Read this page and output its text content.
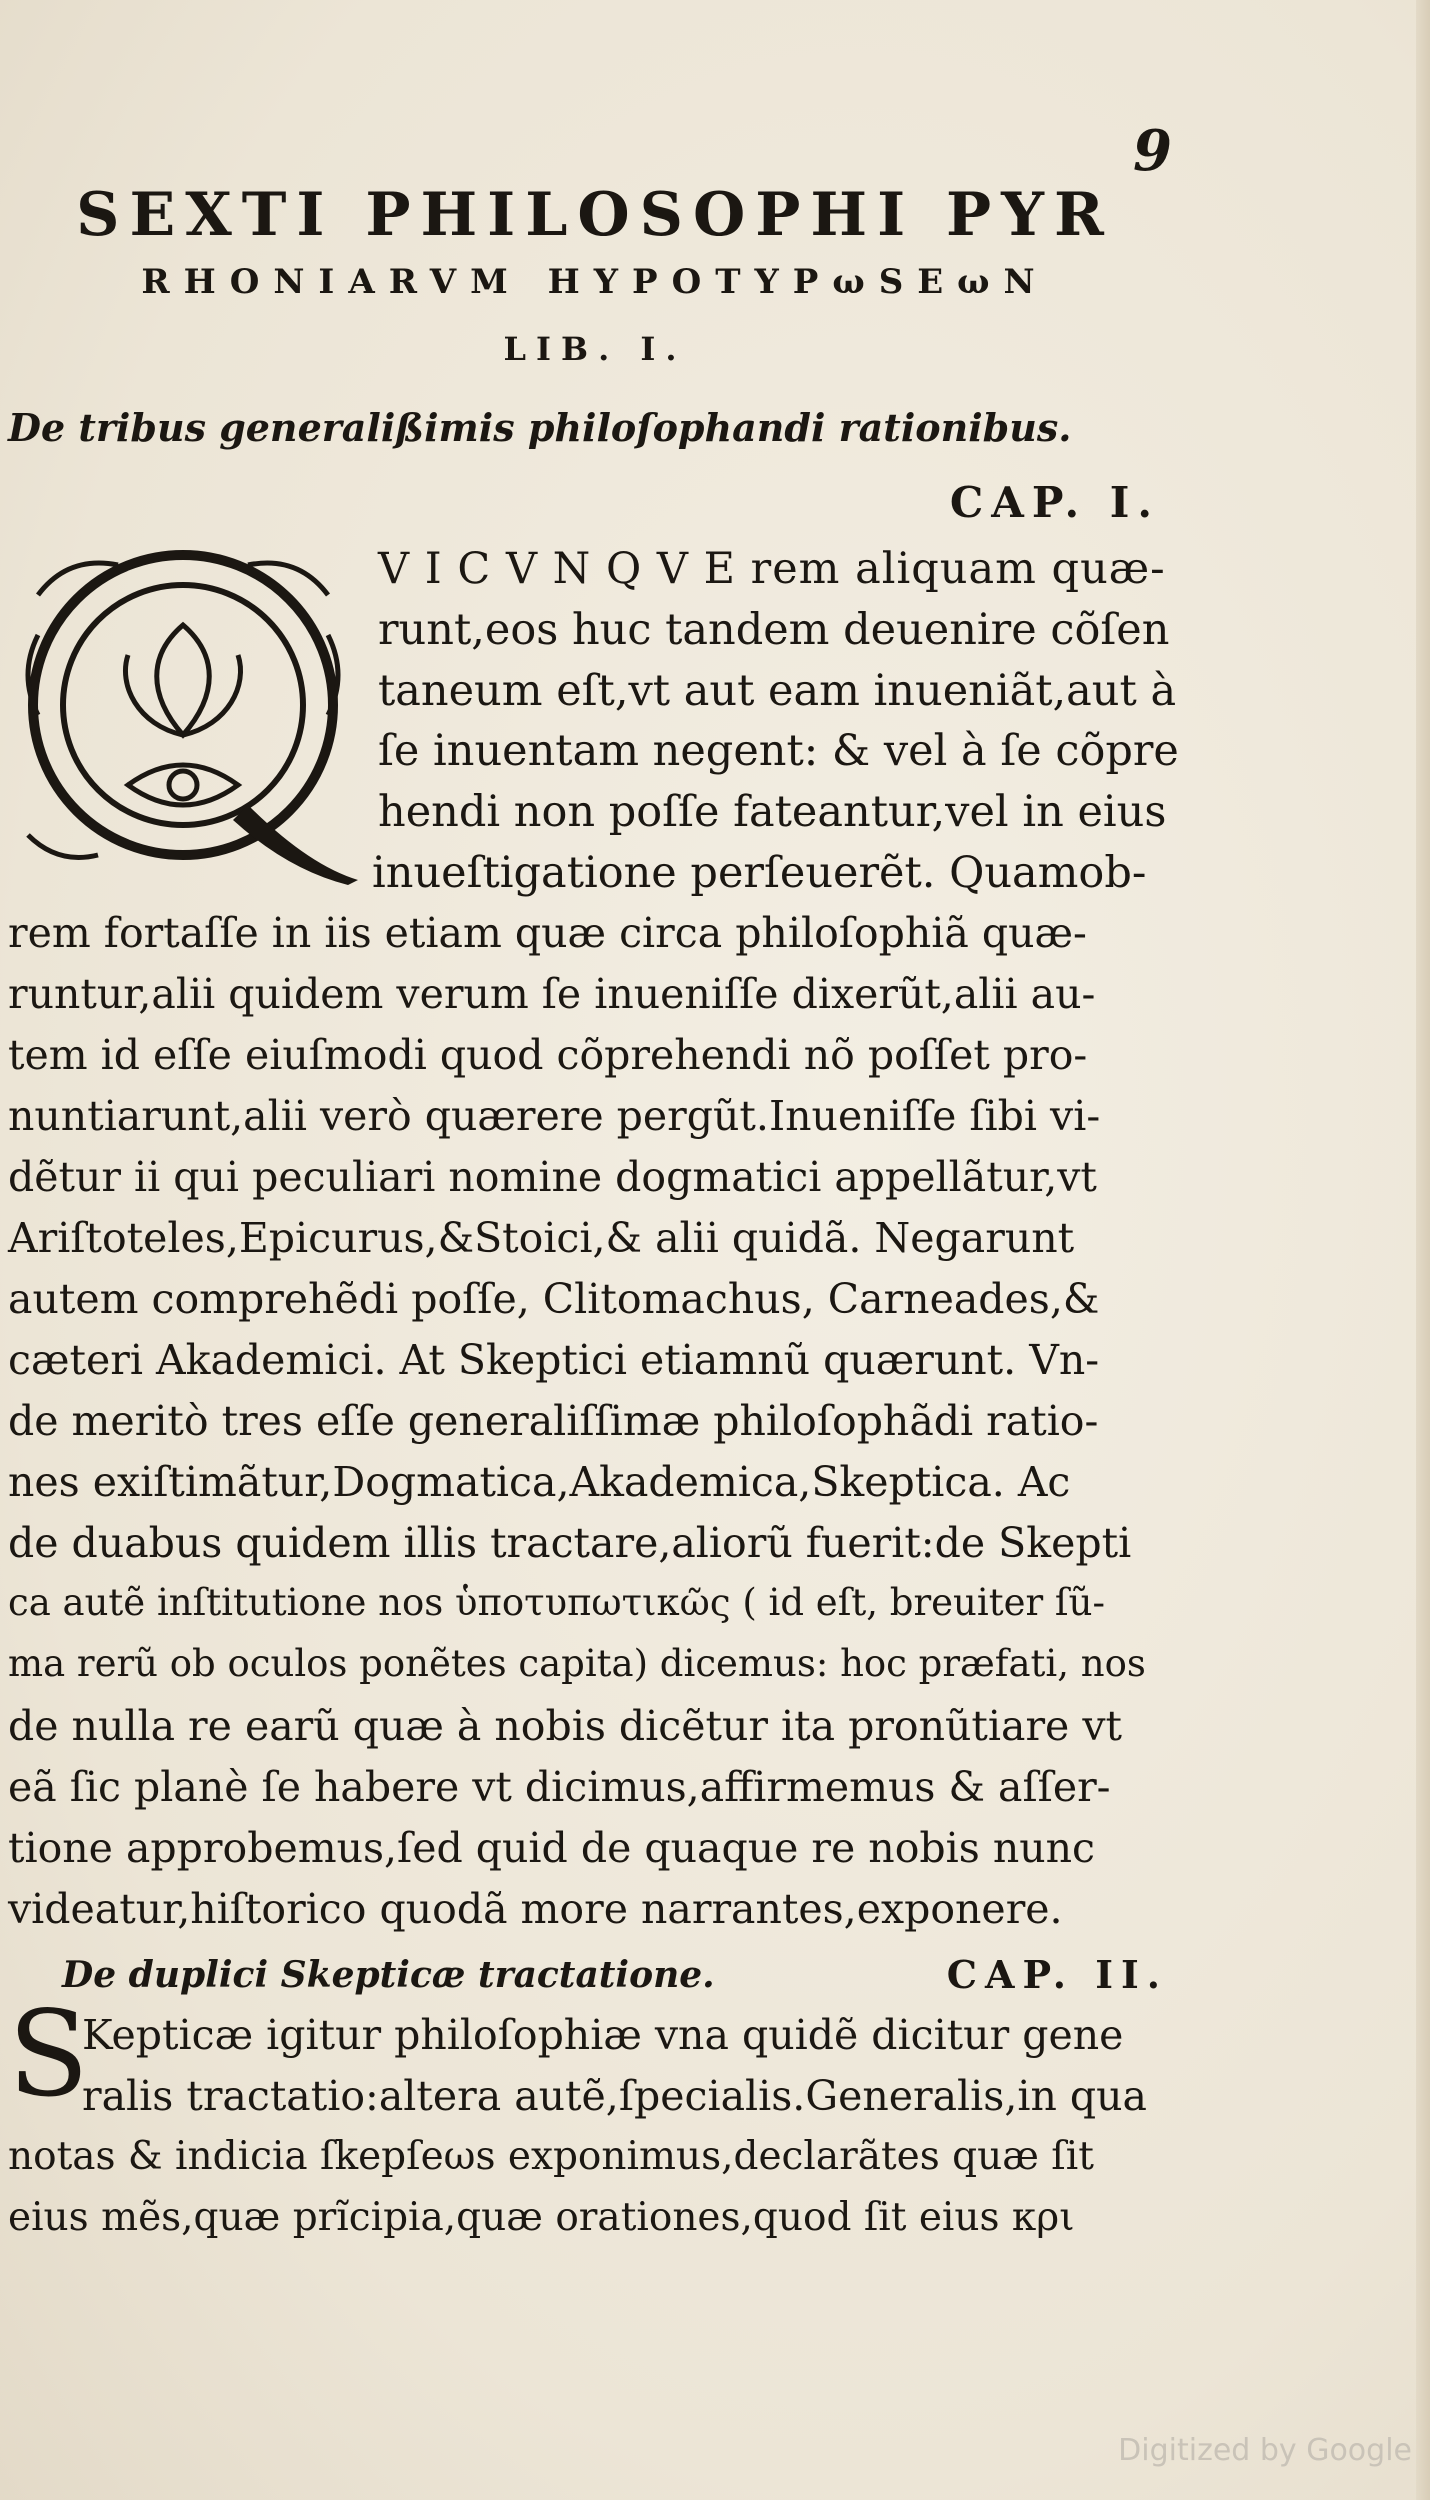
9
SEXTI PHILOSOPHI PYR
RHONIARVM HYPOTYPωSEωN
LIB. I.
De tribus generalißimis philoſophandi rationibus.
CAP. I.
V I C V N Q V E rem aliquam quæ-
runt,eos huc tandem deuenire cõſen
taneum eſt,vt aut eam inueniãt,aut à
ſe inuentam negent: & vel à ſe cõpre
hendi non poſſe fateantur,vel in eius
inueſtigatione perſeuerẽt. Quamob-
rem fortaſſe in iis etiam quæ circa philoſophiã quæ-
runtur,alii quidem verum ſe inueniſſe dixerũt,alii au-
tem id eſſe eiuſmodi quod cõprehendi nõ poſſet pro-
nuntiarunt,alii verò quærere pergũt.Inueniſſe ſibi vi-
dẽtur ii qui peculiari nomine dogmatici appellãtur,vt
Ariſtoteles,Epicurus,&Stoici,& alii quidã. Negarunt
autem comprehẽdi poſſe, Clitomachus, Carneades,&
cæteri Akademici. At Skeptici etiamnũ quærunt. Vn-
de meritò tres eſſe generaliſſimæ philoſophãdi ratio-
nes exiſtimãtur,Dogmatica,Akademica,Skeptica. Ac
de duabus quidem illis tractare,aliorũ fuerit:de Skepti
ca autẽ inſtitutione nos ὑποτυπωτικῶς ( id eſt, breuiter ſũ-
ma rerũ ob oculos ponẽtes capita) dicemus: hoc præfati, nos
de nulla re earũ quæ à nobis dicẽtur ita pronũtiare vt
eã ſic planè ſe habere vt dicimus,affirmemus & aſſer-
tione approbemus,ſed quid de quaque re nobis nunc
videatur,hiſtorico quodã more narrantes,exponere.
De duplici Skepticæ tractatione.	CAP. II.
S
Kepticæ igitur philoſophiæ vna quidẽ dicitur gene
ralis tractatio:altera autẽ,ſpecialis.Generalis,in qua
notas & indicia ſkepſeωs exponimus,declarãtes quæ ſit
eius mẽs,quæ prĩcipia,quæ orationes,quod ſit eius κρι
Digitized by Google
